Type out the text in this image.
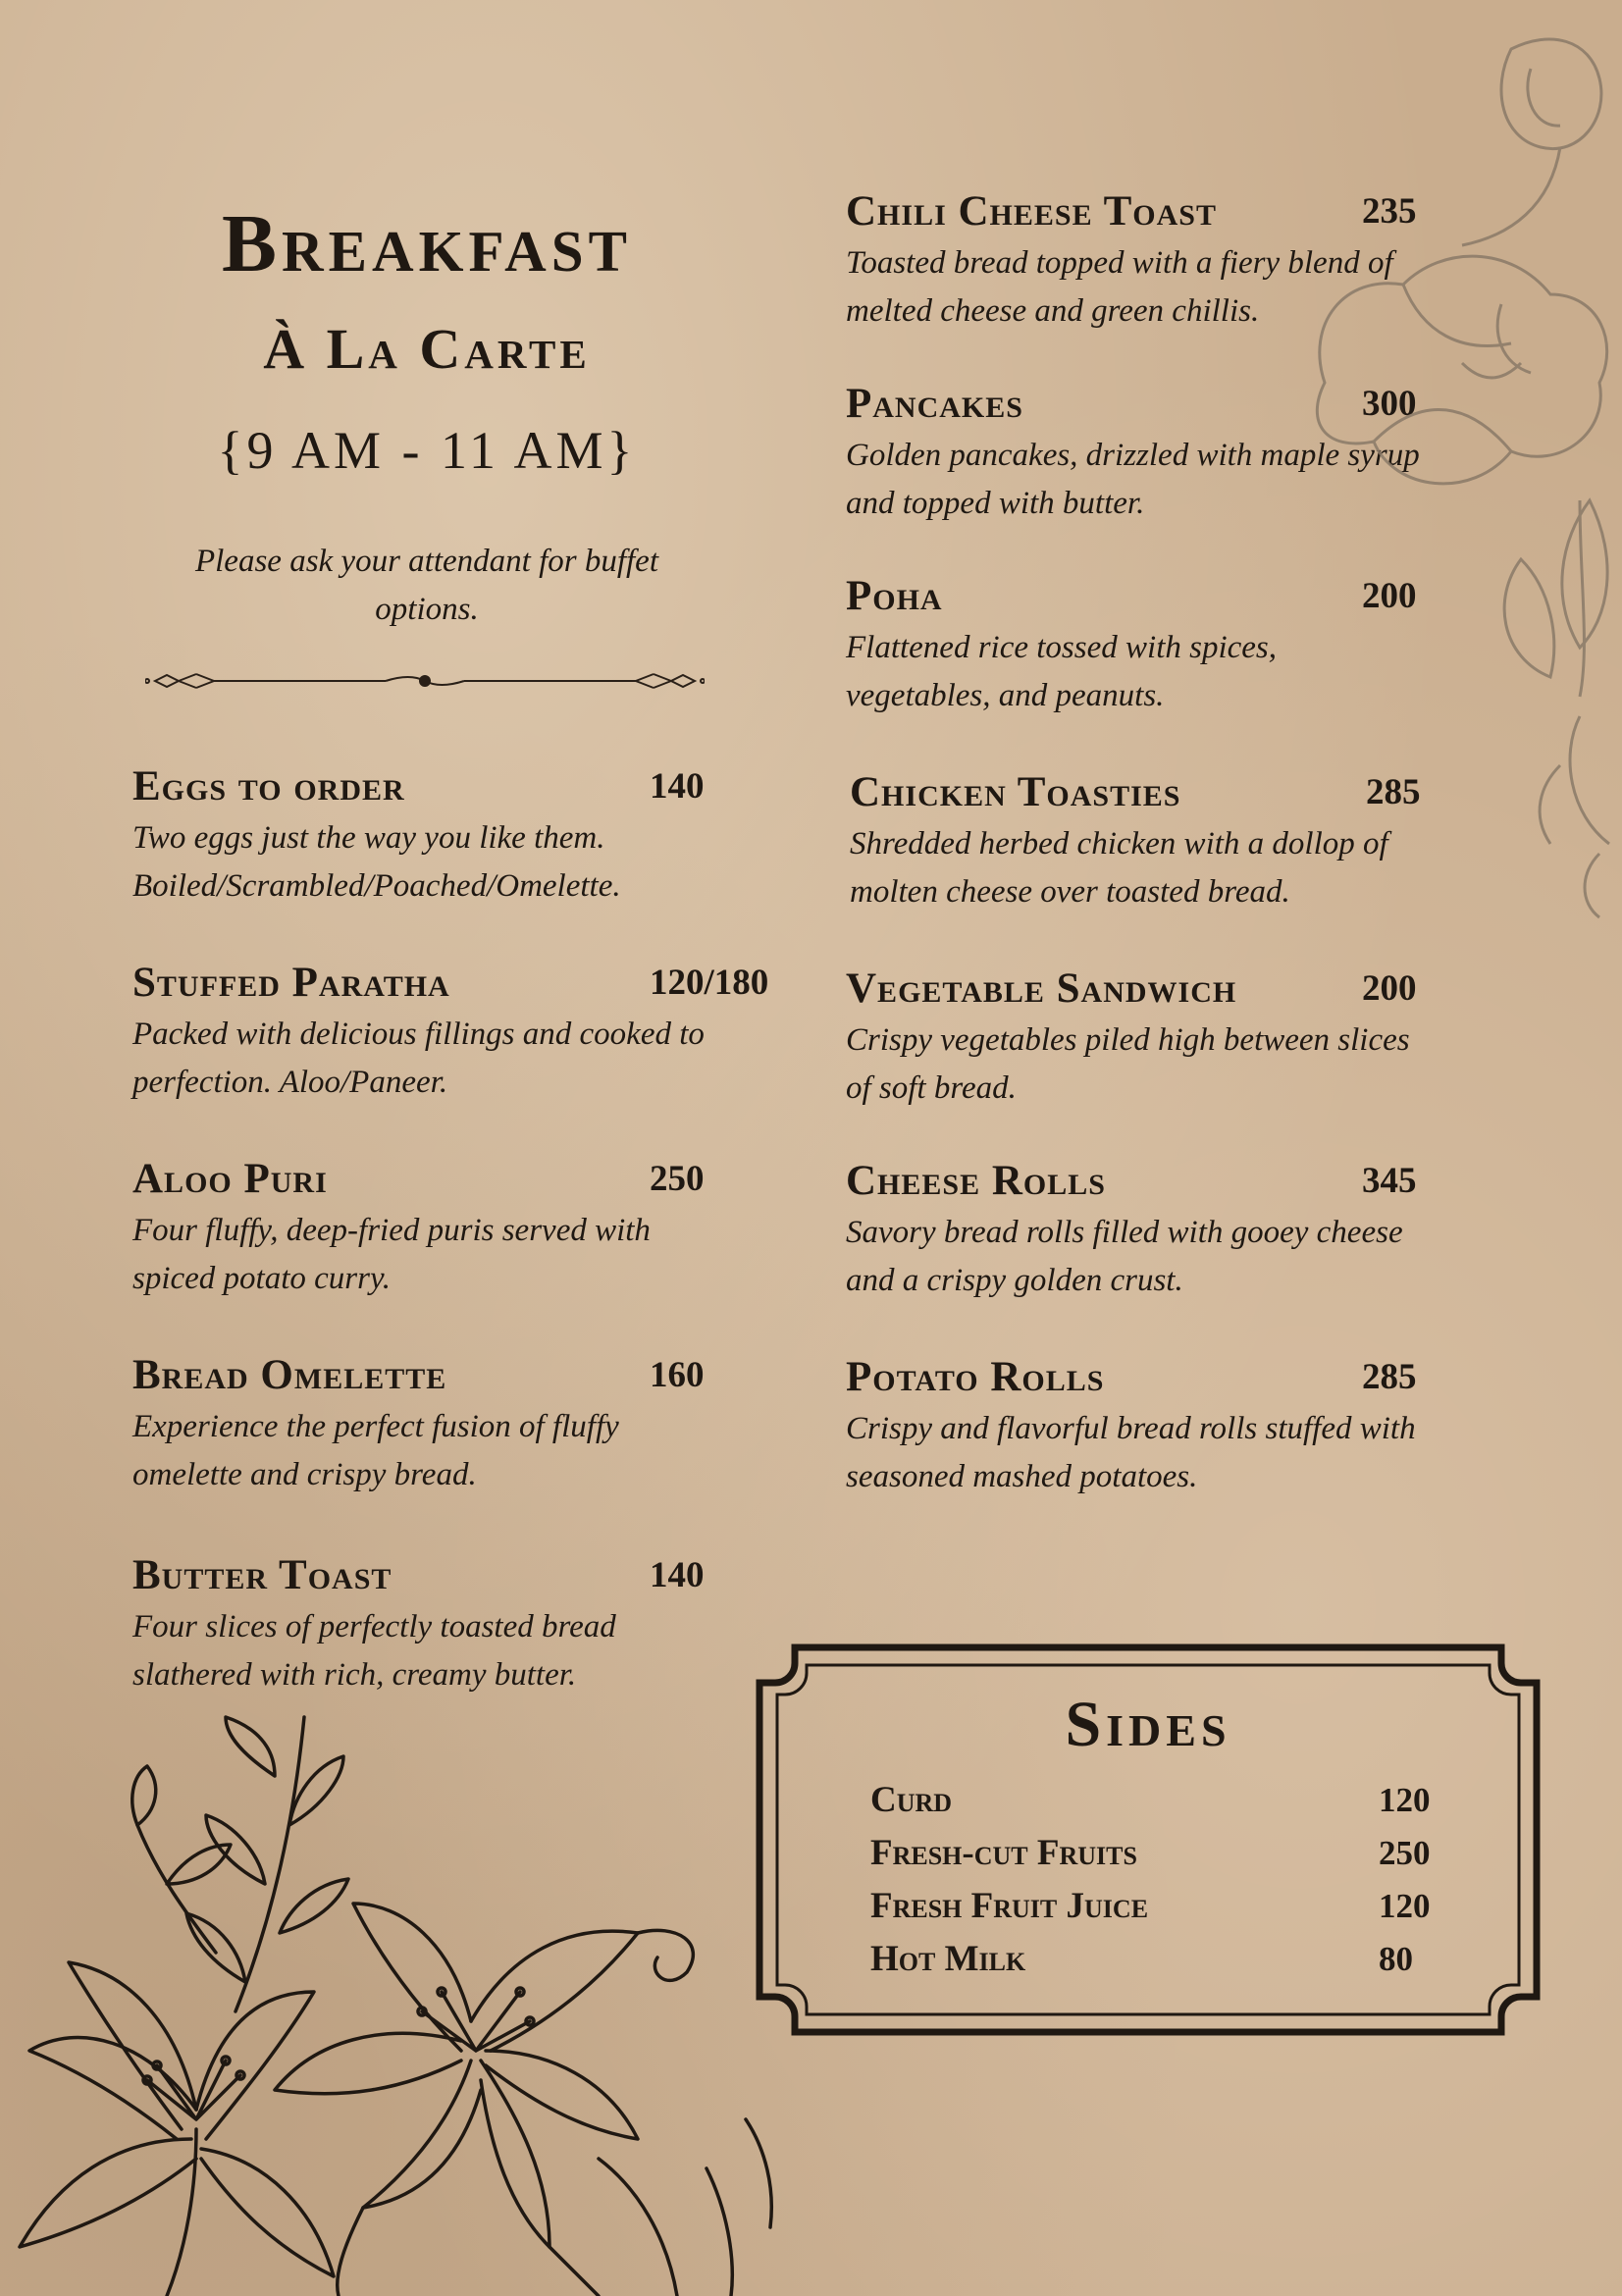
Breakfast
À La Carte
{9 AM - 11 AM}
Please ask your attendant for buffet options.
Eggs to order	140
Two eggs just the way you like them. Boiled/Scrambled/Poached/Omelette.
Stuffed Paratha	120/180
Packed with delicious fillings and cooked to perfection. Aloo/Paneer.
Aloo Puri	250
Four fluffy, deep-fried puris served with spiced potato curry.
Bread Omelette	160
Experience the perfect fusion of fluffy omelette and crispy bread.
Butter Toast	140
Four slices of perfectly toasted bread slathered with rich, creamy butter.
Chili Cheese Toast	235
Toasted bread topped with a fiery blend of melted cheese and green chillis.
Pancakes	300
Golden pancakes, drizzled with maple syrup and topped with butter.
Poha	200
Flattened rice tossed with spices, vegetables, and peanuts.
Chicken Toasties	285
Shredded herbed chicken with a dollop of molten cheese over toasted bread.
Vegetable Sandwich	200
Crispy vegetables piled high between slices of soft bread.
Cheese Rolls	345
Savory bread rolls filled with gooey cheese and a crispy golden crust.
Potato Rolls	285
Crispy and flavorful bread rolls stuffed with seasoned mashed potatoes.
Sides
Curd	120
Fresh-cut Fruits	250
Fresh Fruit Juice	120
Hot Milk	80
